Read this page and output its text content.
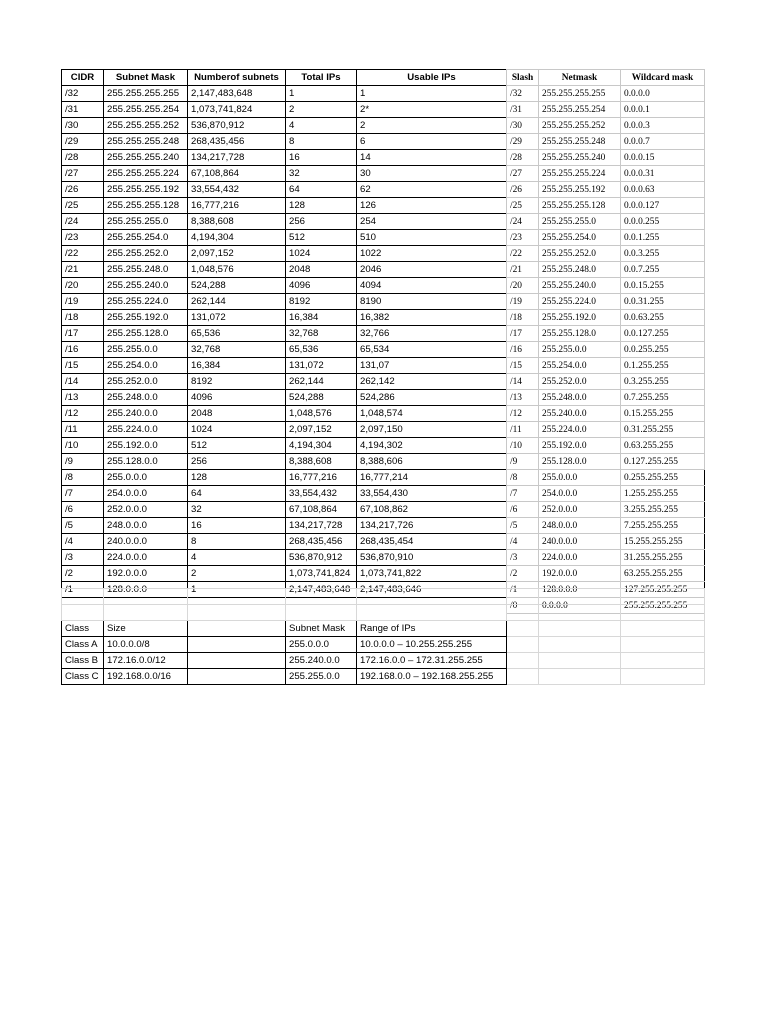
CIDR	Subnet Mask	Numberof subnets	Total IPs	Usable IPs
/32	255.255.255.255	2,147,483,648	1	1
/31	255.255.255.254	1,073,741,824	2	2*
/30	255.255.255.252	536,870,912	4	2
/29	255.255.255.248	268,435,456	8	6
/28	255.255.255.240	134,217,728	16	14
/27	255.255.255.224	67,108,864	32	30
/26	255.255.255.192	33,554,432	64	62
/25	255.255.255.128	16,777,216	128	126
/24	255.255.255.0	8,388,608	256	254
/23	255.255.254.0	4,194,304	512	510
/22	255.255.252.0	2,097,152	1024	1022
/21	255.255.248.0	1,048,576	2048	2046
/20	255.255.240.0	524,288	4096	4094
/19	255.255.224.0	262,144	8192	8190
/18	255.255.192.0	131,072	16,384	16,382
/17	255.255.128.0	65,536	32,768	32,766
/16	255.255.0.0	32,768	65,536	65,534
/15	255.254.0.0	16,384	131,072	131,07
/14	255.252.0.0	8192	262,144	262,142
/13	255.248.0.0	4096	524,288	524,286
/12	255.240.0.0	2048	1,048,576	1,048,574
/11	255.224.0.0	1024	2,097,152	2,097,150
/10	255.192.0.0	512	4,194,304	4,194,302
/9	255.128.0.0	256	8,388,608	8,388,606
/8	255.0.0.0	128	16,777,216	16,777,214
/7	254.0.0.0	64	33,554,432	33,554,430
/6	252.0.0.0	32	67,108,864	67,108,862
/5	248.0.0.0	16	134,217,728	134,217,726
/4	240.0.0.0	8	268,435,456	268,435,454
/3	224.0.0.0	4	536,870,912	536,870,910
/2	192.0.0.0	2	1,073,741,824	1,073,741,822
/1	128.0.0.0	1	2,147,483,648	2,147,483,646
Slash	Netmask	Wildcard mask
/32	255.255.255.255	0.0.0.0
/31	255.255.255.254	0.0.0.1
/30	255.255.255.252	0.0.0.3
/29	255.255.255.248	0.0.0.7
/28	255.255.255.240	0.0.0.15
/27	255.255.255.224	0.0.0.31
/26	255.255.255.192	0.0.0.63
/25	255.255.255.128	0.0.0.127
/24	255.255.255.0	0.0.0.255
/23	255.255.254.0	0.0.1.255
/22	255.255.252.0	0.0.3.255
/21	255.255.248.0	0.0.7.255
/20	255.255.240.0	0.0.15.255
/19	255.255.224.0	0.0.31.255
/18	255.255.192.0	0.0.63.255
/17	255.255.128.0	0.0.127.255
/16	255.255.0.0	0.0.255.255
/15	255.254.0.0	0.1.255.255
/14	255.252.0.0	0.3.255.255
/13	255.248.0.0	0.7.255.255
/12	255.240.0.0	0.15.255.255
/11	255.224.0.0	0.31.255.255
/10	255.192.0.0	0.63.255.255
/9	255.128.0.0	0.127.255.255
/8	255.0.0.0	0.255.255.255
/7	254.0.0.0	1.255.255.255
/6	252.0.0.0	3.255.255.255
/5	248.0.0.0	7.255.255.255
/4	240.0.0.0	15.255.255.255
/3	224.0.0.0	31.255.255.255
/2	192.0.0.0	63.255.255.255
/1	128.0.0.0	127.255.255.255
/0	0.0.0.0	255.255.255.255

Class	Size		Subnet Mask	Range of IPs			
Class A	10.0.0.0/8		255.0.0.0	10.0.0.0 – 10.255.255.255			
Class B	172.16.0.0/12		255.240.0.0	172.16.0.0 – 172.31.255.255			
Class C	192.168.0.0/16		255.255.0.0	192.168.0.0 – 192.168.255.255			
